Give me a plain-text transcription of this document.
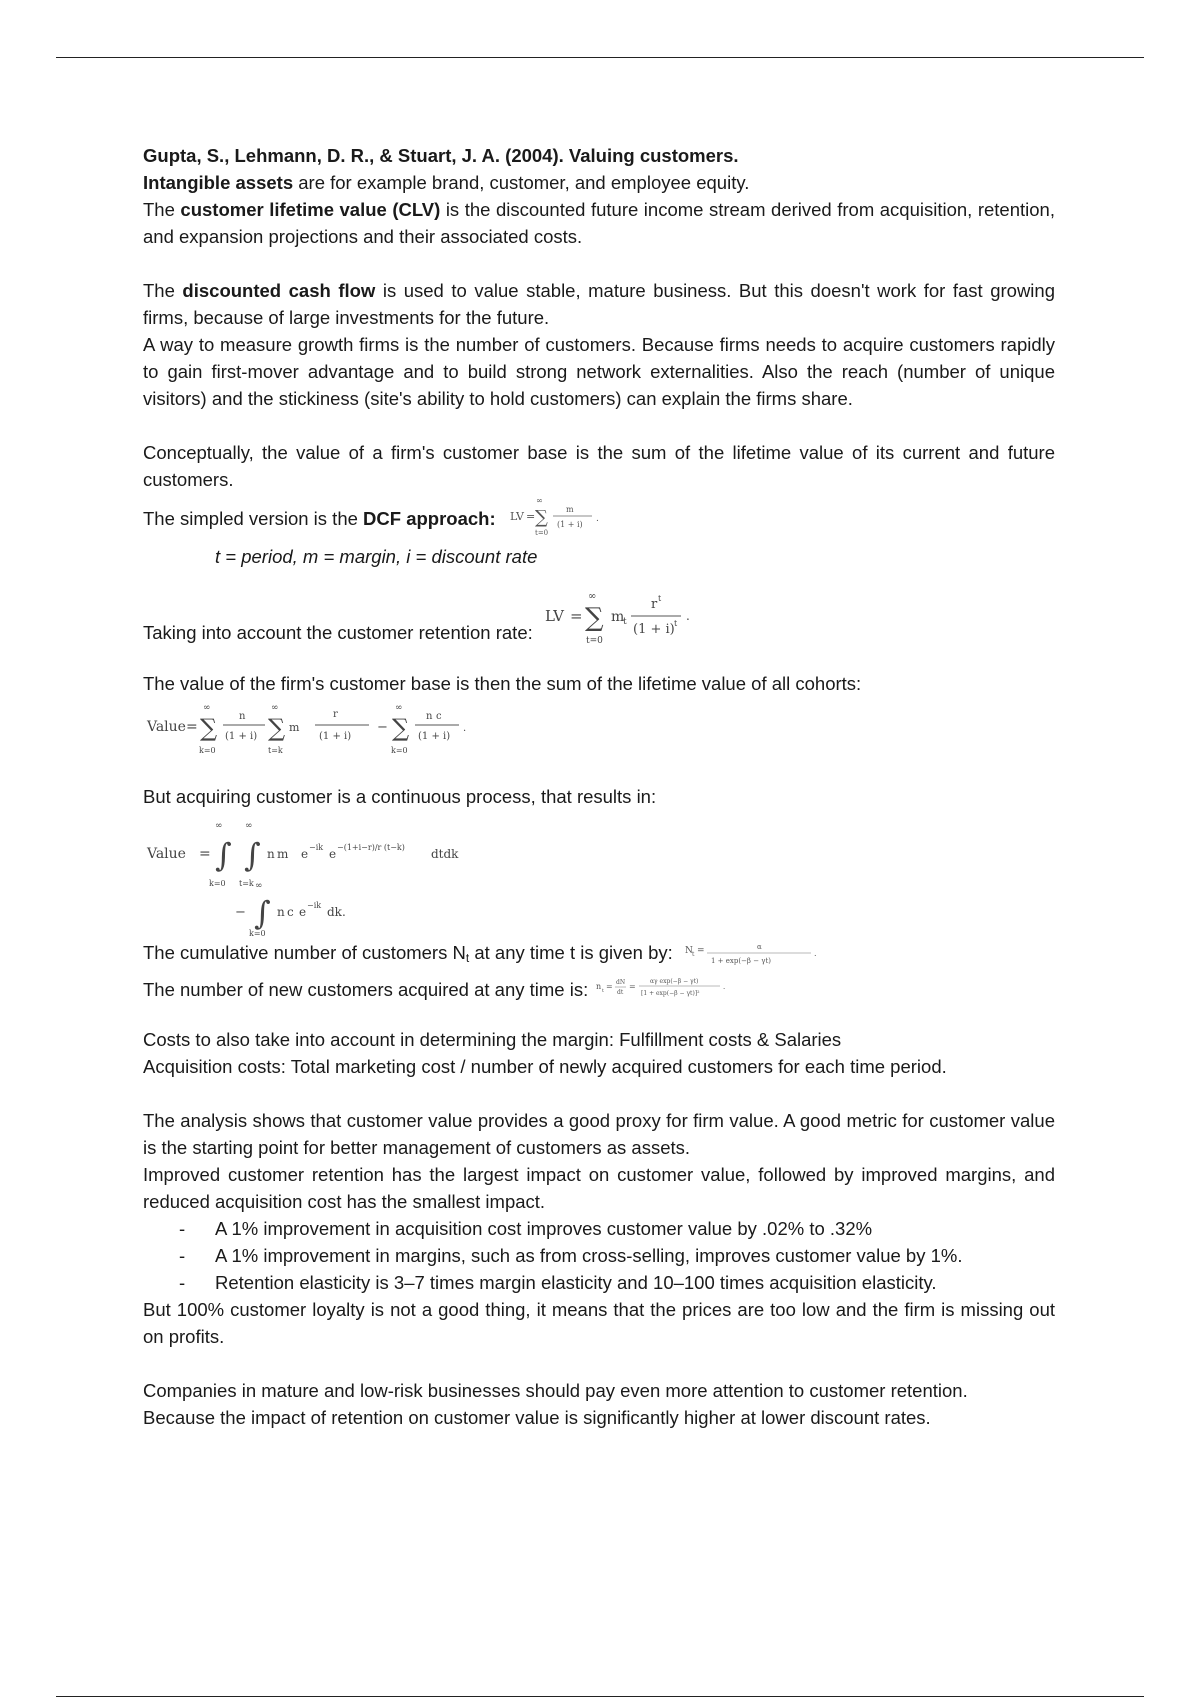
Gupta, S., Lehmann, D. R., & Stuart, J. A. (2004). Valuing customers.

Intangible assets are for example brand, customer, and employee equity.

The customer lifetime value (CLV) is the discounted future income stream derived from acquisition, retention, and expansion projections and their associated costs.

The discounted cash flow is used to value stable, mature business. But this doesn't work for fast growing firms, because of large investments for the future.

A way to measure growth firms is the number of customers. Because firms needs to acquire customers rapidly to gain first-mover advantage and to build strong network externalities. Also the reach (number of unique visitors) and the stickiness (site's ability to hold customers) can explain the firms share.

Conceptually, the value of a firm's customer base is the sum of the lifetime value of its current and future customers.

The simpled version is the DCF approach: LV =
∞
∑
t=0
m
(1 + i)
.

t = period, m = margin, i = discount rate

Taking into account the customer retention rate:
LV =
∞
∑
t=0
m
t
r t
(1 + i) t
.

The value of the firm's customer base is then the sum of the lifetime value of all cohorts:

Value =
∞
∑
k=0
n
(1 + i)
∞
∑
t=k
m
r
(1 + i)
−
∞
∑
k=0
n c
(1 + i)
.

But acquiring customer is a continuous process, that results in:

Value =
∞
∫
k=0
∞
∫
t=k
n m e −ik e −(1+i−r)/r (t−k) dtdk
−
∞
∫
k=0
n c e −ik dk.
The cumulative number of customers $N_t$ at any time t is given by: N t =	α
1 + exp(−β − γt)
.
The number of new customers acquired at any time is: n t = dN
dt
=
αγ exp(−β − γt)
[1 + exp(−β − γt)]²
.

Costs to also take into account in determining the margin: Fulfillment costs & Salaries

Acquisition costs: Total marketing cost / number of newly acquired customers for each time period.

The analysis shows that customer value provides a good proxy for firm value. A good metric for customer value is the starting point for better management of customers as assets.

Improved customer retention has the largest impact on customer value, followed by improved margins, and reduced acquisition cost has the smallest impact.

- A 1% improvement in acquisition cost improves customer value by .02% to .32%
- A 1% improvement in margins, such as from cross-selling, improves customer value by 1%.
- Retention elasticity is 3–7 times margin elasticity and 10–100 times acquisition elasticity.

But 100% customer loyalty is not a good thing, it means that the prices are too low and the firm is missing out on profits.

Companies in mature and low-risk businesses should pay even more attention to customer retention.

Because the impact of retention on customer value is significantly higher at lower discount rates.
